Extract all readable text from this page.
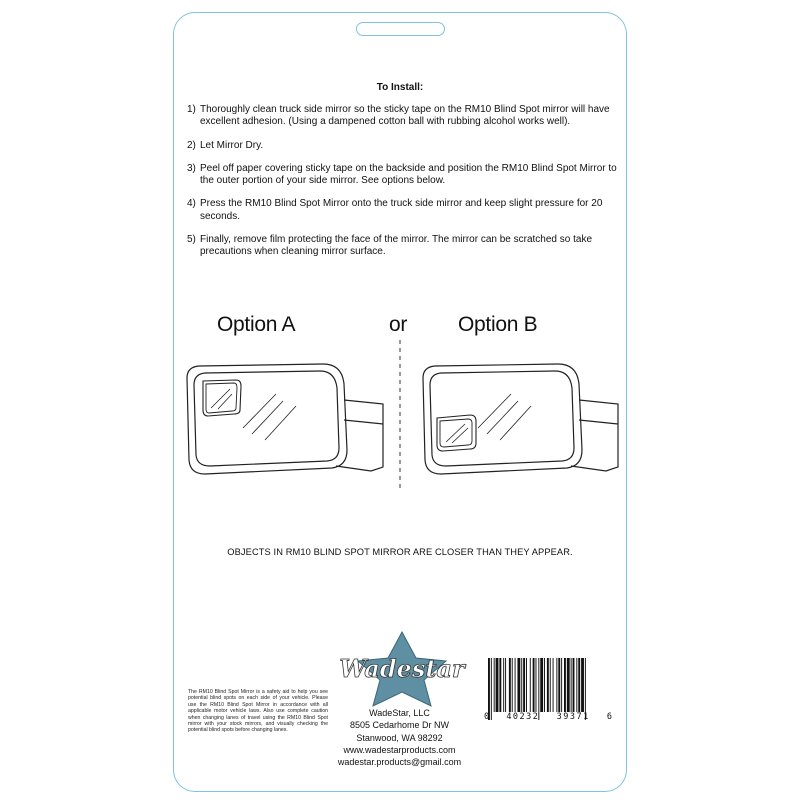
To Install:
1) Thoroughly clean truck side mirror so the sticky tape on the RM10 Blind Spot mirror will have excellent adhesion. (Using a dampened cotton ball with rubbing alcohol works well).
2) Let Mirror Dry.
3) Peel off paper covering sticky tape on the backside and position the RM10 Blind Spot Mirror to the outer portion of your side mirror. See options below.
4) Press the RM10 Blind Spot Mirror onto the truck side mirror and keep slight pressure for 20 seconds.
5) Finally, remove film protecting the face of the mirror. The mirror can be scratched so take precautions when cleaning mirror surface.
Option A	or Option B
OBJECTS IN RM10 BLIND SPOT MIRROR ARE CLOSER THAN THEY APPEAR.
Wadestar
The RM10 Blind Spot Mirror is a safety aid to help you see potential blind spots on each side of your vehicle. Please use the RM10 Blind Spot Mirror in accordance with all applicable motor vehicle laws. Also use complete caution when changing lanes of travel using the RM10 Blind Spot mirror with your stock mirrors, and visually checking the potential blind spots before changing lanes.
WadeStar, LLC
8505 Cedarhome Dr NW
Stanwood, WA 98292
www.wadestarproducts.com
wadestar.products@gmail.com
0 40232 39371 6
